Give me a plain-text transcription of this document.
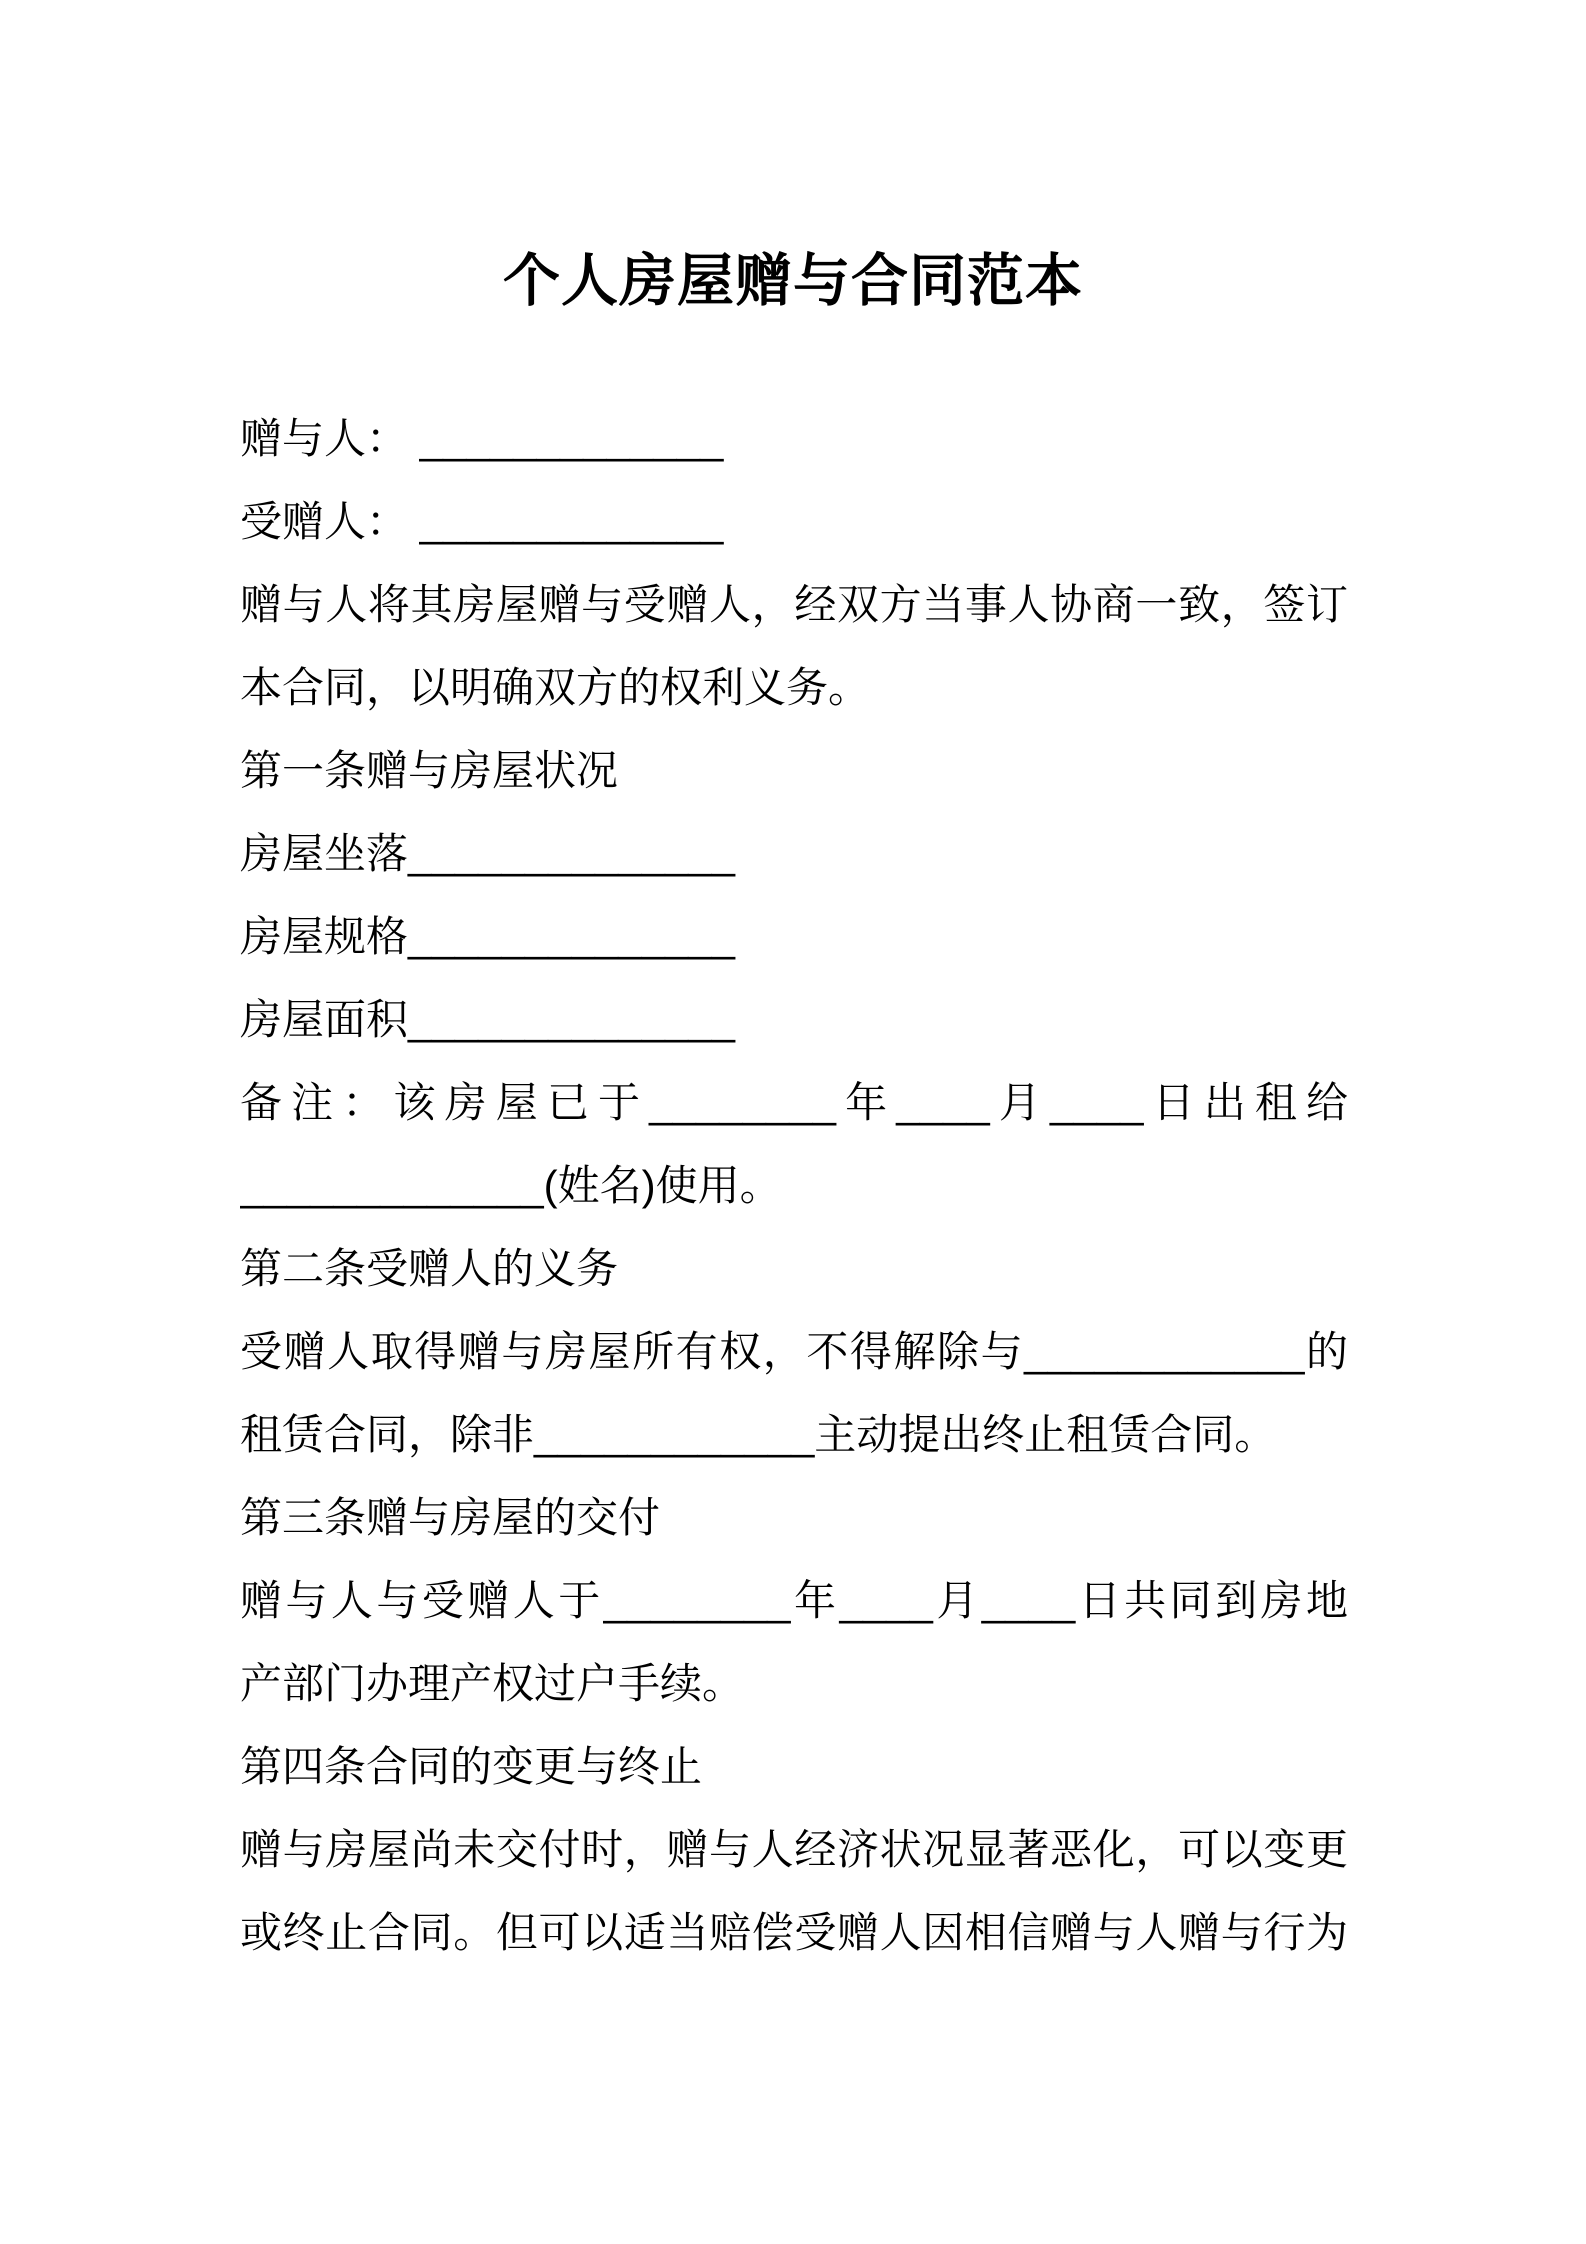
个人房屋赠与合同范本
赠与人： _____________
受赠人： _____________
赠与人将其房屋赠与受赠人，经双方当事人协商一致，签订
本合同，以明确双方的权利义务。
第一条赠与房屋状况
房屋坐落______________
房屋规格______________
房屋面积______________
备注：该房屋已于________年____月____日出租给
_____________(姓名)使用。
第二条受赠人的义务
受赠人取得赠与房屋所有权，不得解除与____________的
租赁合同，除非____________主动提出终止租赁合同。
第三条赠与房屋的交付
赠与人与受赠人于________年____月____日共同到房地
产部门办理产权过户手续。
第四条合同的变更与终止
赠与房屋尚未交付时，赠与人经济状况显著恶化，可以变更
或终止合同。但可以适当赔偿受赠人因相信赠与人赠与行为
